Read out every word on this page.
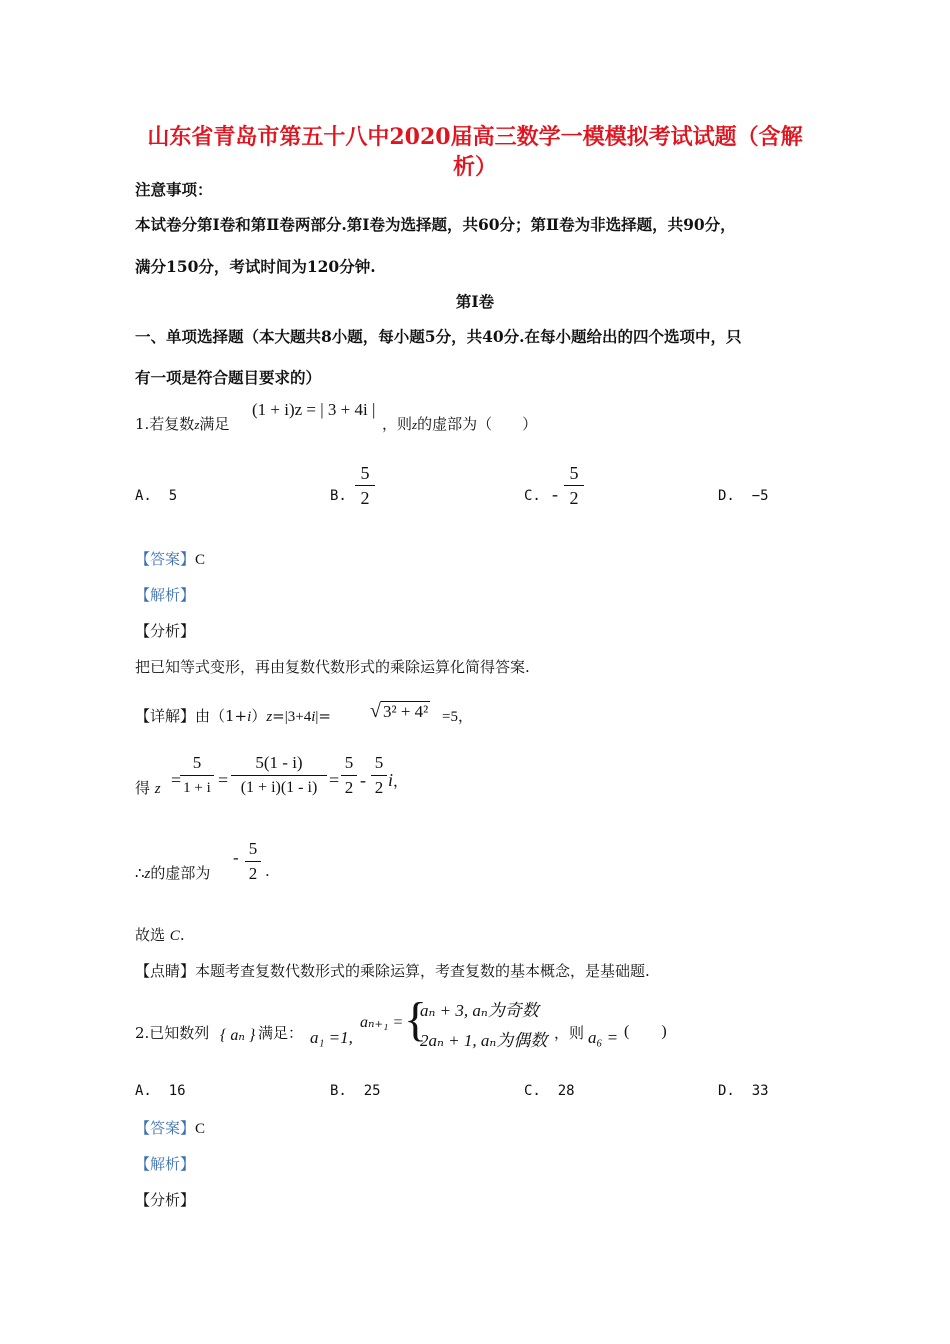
山东省青岛市第五十八中2020届高三数学一模模拟考试试题（含解
析）
注意事项：
本试卷分第Ⅰ卷和第Ⅱ卷两部分.第Ⅰ卷为选择题，共60分；第Ⅱ卷为非选择题，共90分，
满分150分，考试时间为120分钟.
第Ⅰ卷
一、单项选择题（本大题共8小题，每小题5分，共40分.在每小题给出的四个选项中，只
有一项是符合题目要求的）
1.若复数z满足
(1 + i)z = | 3 + 4i |
，则z的虚部为（　　）
A. 5	B.
5
2	C. -
5
2	D. −5
【答案】C
【解析】
【分析】
把已知等式变形，再由复数代数形式的乘除运算化简得答案.
【详解】由（1+i）z=|3+4i|= √ 3² + 4² =5，
得 z =
5
1 + i =
5(1 - i)
(1 + i)(1 - i) =
5
2 -
5
2 i，
∴z的虚部为
- 5
2 .
故选 C.
【点睛】本题考查复数代数形式的乘除运算，考查复数的基本概念，是基础题.
2.已知数列 { aₙ } 满足： a₁ =1,
aₙ₊₁ = {
aₙ + 3, aₙ为奇数
2aₙ + 1, aₙ为偶数 ，则 a₆ = (　　)
A. 16	B. 25	C. 28	D. 33
【答案】C
【解析】
【分析】
